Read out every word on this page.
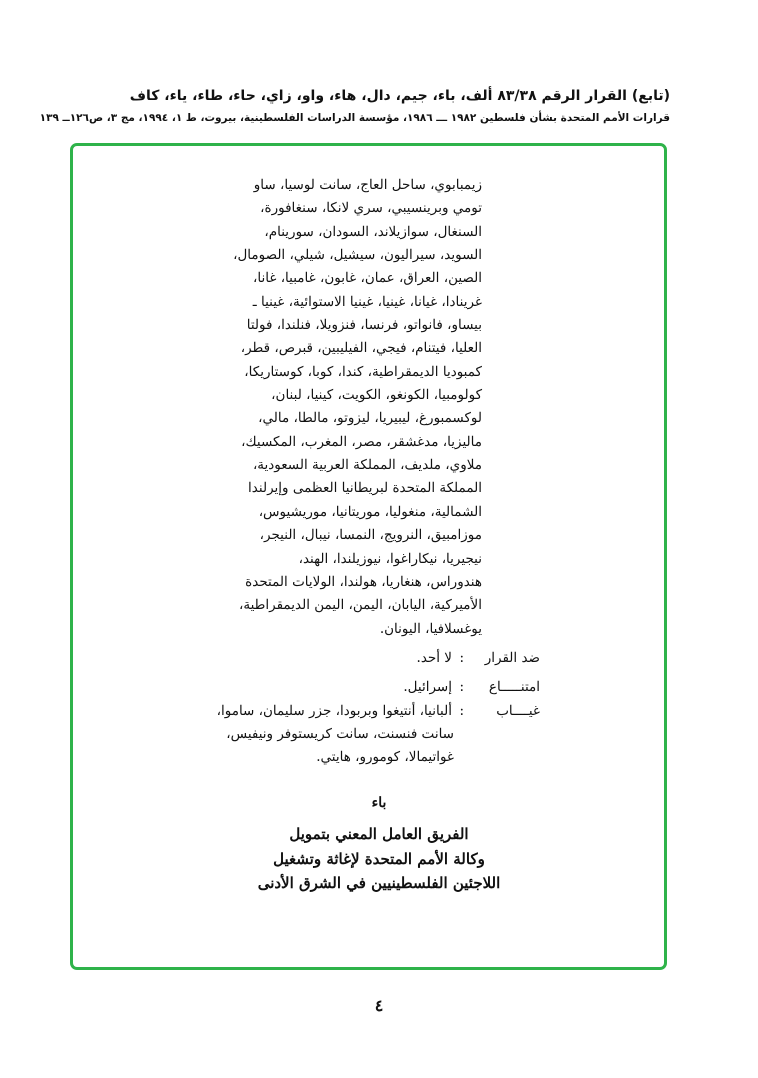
(تابع) القرار الرقم ٨٣/٣٨ ألف، باء، جيم، دال، هاء، واو، زاي، حاء، طاء، ياء، كاف
قرارات الأمم المتحدة بشأن فلسطين ١٩٨٢ ـــ ١٩٨٦، مؤسسة الدراسات الفلسطينية، بيروت، ط ١، ١٩٩٤، مج ٣، ص١٢٦ــ ١٣٩
زيمبابوي، ساحل العاج، سانت لوسيا، ساو
تومي وبرينسيبي، سري لانكا، سنغافورة،
السنغال، سوازيلاند، السودان، سورينام،
السويد، سيراليون، سيشيل، شيلي، الصومال،
الصين، العراق، عمان، غابون، غامبيا، غانا،
غرينادا، غيانا، غينيا، غينيا الاستوائية، غينيا ـ
بيساو، فانواتو، فرنسا، فنزويلا، فنلندا، فولتا
العليا، فيتنام، فيجي، الفيليبين، قبرص، قطر،
كمبوديا الديمقراطية، كندا، كوبا، كوستاريكا،
كولومبيا، الكونغو، الكويت، كينيا، لبنان،
لوكسمبورغ، ليبيريا، ليزوتو، مالطا، مالي،
ماليزيا، مدغشقر، مصر، المغرب، المكسيك،
ملاوي، ملديف، المملكة العربية السعودية،
المملكة المتحدة لبريطانيا العظمى وإيرلندا
الشمالية، منغوليا، موريتانيا، موريشيوس،
موزامبيق، النرويج، النمسا، نيبال، النيجر،
نيجيريا، نيكاراغوا، نيوزيلندا، الهند،
هندوراس، هنغاريا، هولندا، الولايات المتحدة
الأميركية، اليابان، اليمن، اليمن الديمقراطية،
يوغسلافيا، اليونان.
ضد القرار
:
لا أحد.
امتنـــــاع
:
إسرائيل.
غيــــاب
:
ألبانيا، أنتيغوا وبربودا، جزر سليمان، ساموا،
سانت فنسنت، سانت كريستوفر ونيفيس،
غواتيمالا، كومورو، هايتي.
باء
الفريق العامل المعني بتمويل
وكالة الأمم المتحدة لإغاثة وتشغيل
اللاجئين الفلسطينيين في الشرق الأدنى
٤
